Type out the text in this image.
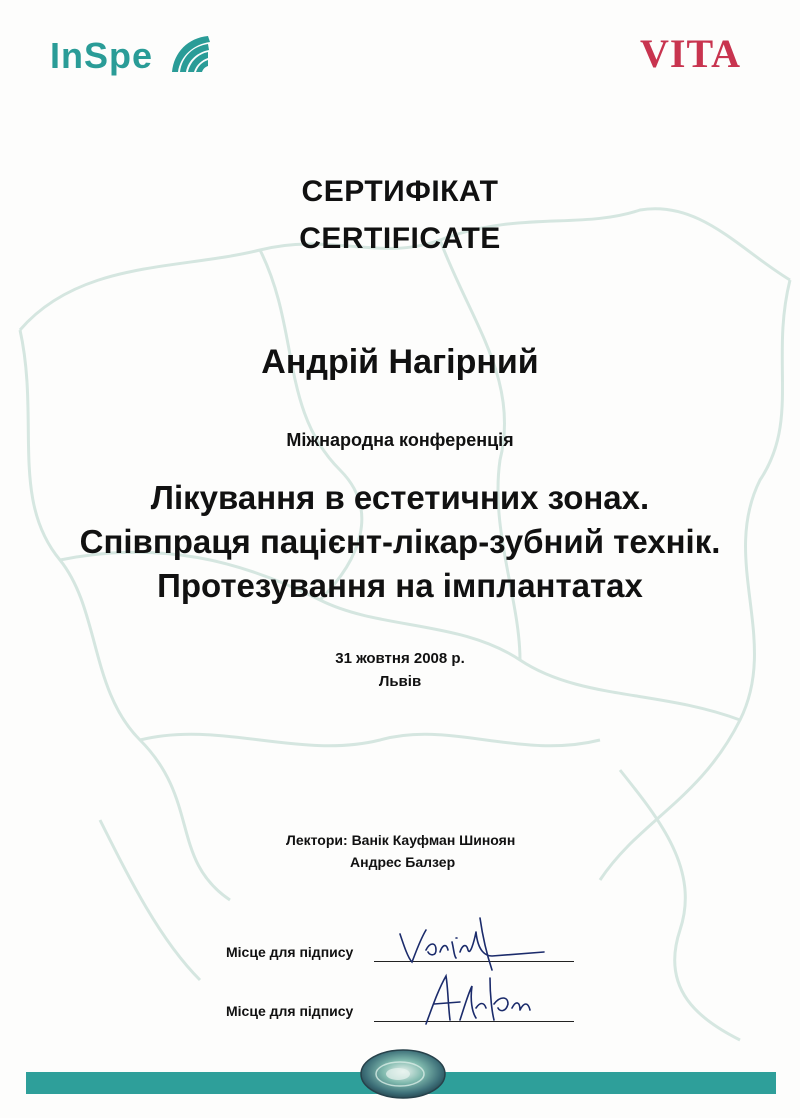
InSpe	VITA
СЕРТИФІКАТ
CERTIFICATE
Андрій Нагірний
Міжнародна конференція
Лікування в естетичних зонах.
Співпраця пацієнт-лікар-зубний технік.
Протезування на імплантатах
31 жовтня 2008 р.
Львів
Лектори: Ванік Кауфман Шиноян
Андрес Балзер
Місце для підпису
Місце для підпису
